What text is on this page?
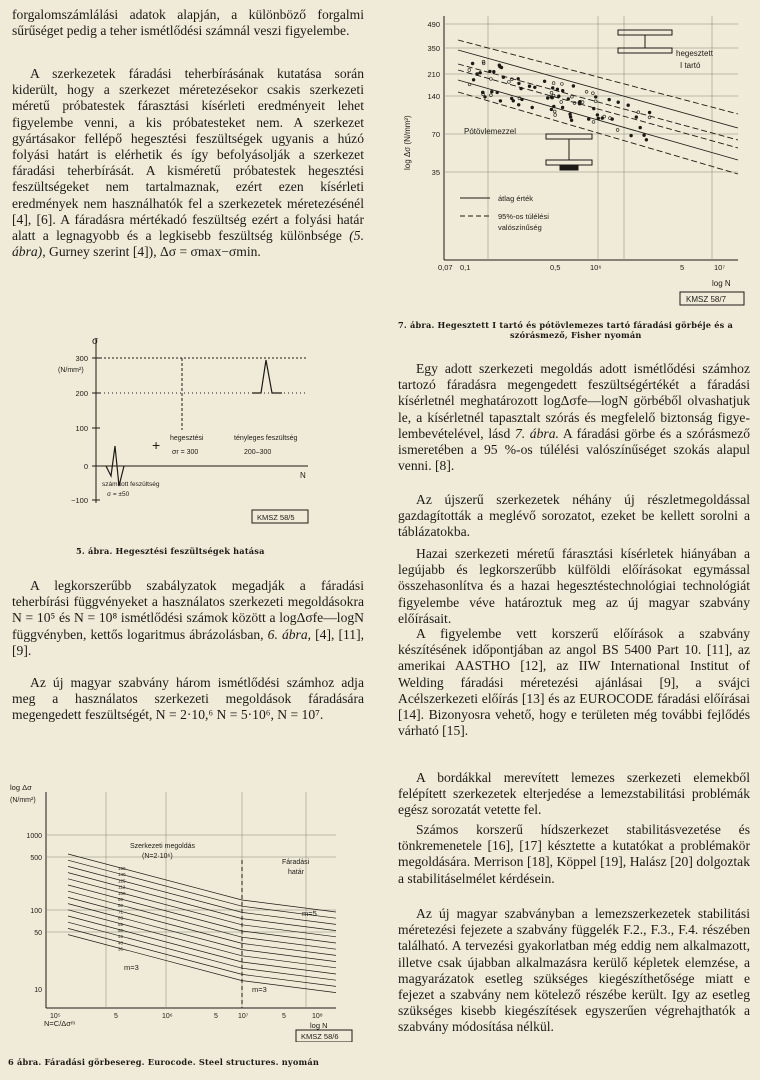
forgalomszámlálási adatok alapján, a különböző forgalmi sűrűséget pedig a teher ismétlődési számnál veszi figyelembe.

A szerkezetek fáradási teherbírásának kutatása során kiderült, hogy a szerkezet méretezésekor csakis szerkezeti méretű próbatestek fárasztási kísérleti eredményeit lehet figyelembe venni, a kis próbatesteket nem. A szerkezet gyártásakor fellépő hegesztési feszültségek ugyanis a húzó folyási határt is elérhetik és így befolyásolják a szerkezet fáradási teherbírását. A kisméretű próbatestek hegesztési feszültségeket nem tartalmaznak, ezért ezen kísérleti eredmények nem használhatók fel a szerkezetek méretezésénél [4], [6]. A fáradásra mértékadó feszültség ezért a folyási határ alatt a legnagyobb és a legkisebb feszültség különbsége (5. ábra), Gurney szerint [4]), Δσ = σmax−σmin.

σ
(N/mm²)
300
200
100
0
−100
N
+ hegesztési
σr = 300
tényleges feszültség
200–300
számított feszültség
σ = ±50
KMSZ 58/5
5. ábra. Hegesztési feszültségek hatása

A legkorszerűbb szabályzatok megadják a fáradási teherbírási függvényeket a használatos szerkezeti megoldásokra N = 10⁵ és N = 10⁸ ismétlődési számok között a logΔσfe—logN függvényben, kettős logaritmus ábrázolásban, 6. ábra, [4], [11], [9].

Az új magyar szabvány három ismétlődési számhoz adja meg a használatos szerkezeti megoldások fáradására megengedett feszültségét, N = 2·10,⁶ N = 5·10⁶, N = 10⁷.

log Δσ
(N/mm²)
1000
500
100
50
10
10⁵	5	10⁶	5	10⁷	5	10⁸
log N
N=C/Δσᵐ
160
140
125
112
100
90
80
71
63
56
50
45
40
36
Szerkezeti megoldás
(N=2·10⁶)
Fáradási
határ
m=5
m=3
m=3
KMSZ 58/6
6 ábra. Fáradási görbesereg. Eurocode. Steel structures. nyomán
log Δσ (N/mm²)
490
350
210
140
70
35
0,07 0,1	0,5	10⁶	5	10⁷
log N
hegesztett
I tartó
Pótövlemezzel
átlag érték
95%-os túlélési
valószínűség
KMSZ 58/7
7. ábra. Hegesztett I tartó és pótövlemezes tartó fáradási görbéje és a
szórásmező, Fisher nyomán

Egy adott szerkezeti megoldás adott ismétlődési számhoz tartozó fáradásra megengedett feszültségértékét a fáradási kísérletnél meghatározott logΔσfe—logN görbéből olvashatjuk le, a kísérletnél tapasztalt szórás és megfelelő biztonság figyelembevételével, lásd 7. ábra. A fáradási görbe és a szórásmező ismeretében a 95 %-os túlélési valószínűséget szokás alapul venni. [8].

Az újszerű szerkezetek néhány új részletmegoldással gazdagították a meglévő sorozatot, ezeket be kellett sorolni a táblázatokba.

Hazai szerkezeti méretű fárasztási kísérletek hiányában a legújabb és legkorszerűbb külföldi előírásokat egymással összehasonlítva és a hazai hegesztéstechnológiai technológiát figyelembe véve határoztuk meg az új magyar szabvány előírásait.

A figyelembe vett korszerű előírások a szabvány készítésének időpontjában az angol BS 5400 Part 10. [11], az amerikai AASTHO [12], az IIW International Institut of Welding fáradási méretezési ajánlásai [9], a svájci Acélszerkezeti előírás [13] és az EUROCODE fáradási előírásai [14]. Bizonyosra vehető, hogy e területen még további fejlődés várható [15].

A bordákkal merevített lemezes szerkezeti elemekből felépített szerkezetek elterjedése a lemezstabilitási problémák egész sorozatát vetette fel.

Számos korszerű hídszerkezet stabilitásvezetése és tönkremenetele [16], [17] késztette a kutatókat a problémakör megoldására. Merrison [18], Köppel [19], Halász [20] dolgoztak a stabilitáselmélet kérdésein.

Az új magyar szabványban a lemezszerkezetek stabilitási méretezési fejezete a szabvány függelék F.2., F.3., F.4. részében található. A tervezési gyakorlatban még eddig nem alkalmazott, illetve csak újabban alkalmazásra kerülő képletek elemzése, a magyarázatok esetleg szükséges kiegészíthetősége miatt e fejezet a szabvány nem kötelező részébe került. Igy az esetleg szükséges kisebb kiegészítések egyszerűen végrehajthatók a szabvány módosítása nélkül.
